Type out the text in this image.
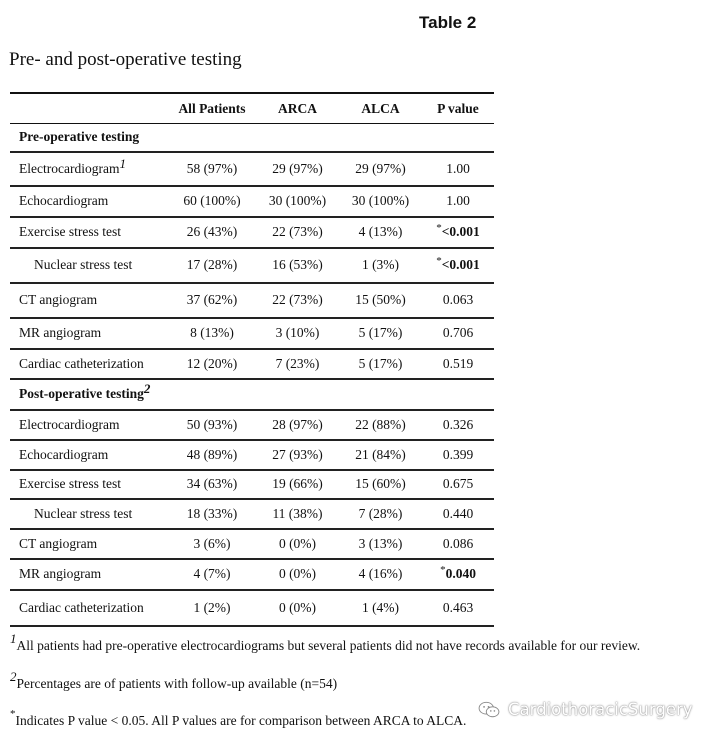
Table 2
Pre- and post-operative testing
	All Patients	ARCA	ALCA	P value
Pre-operative testing				
Electrocardiogram1	58 (97%)	29 (97%)	29 (97%)	1.00
Echocardiogram	60 (100%)	30 (100%)	30 (100%)	1.00
Exercise stress test	26 (43%)	22 (73%)	4 (13%)	*<0.001
Nuclear stress test	17 (28%)	16 (53%)	1 (3%)	*<0.001
CT angiogram	37 (62%)	22 (73%)	15 (50%)	0.063
MR angiogram	8 (13%)	3 (10%)	5 (17%)	0.706
Cardiac catheterization	12 (20%)	7 (23%)	5 (17%)	0.519
Post-operative testing2				
Electrocardiogram	50 (93%)	28 (97%)	22 (88%)	0.326
Echocardiogram	48 (89%)	27 (93%)	21 (84%)	0.399
Exercise stress test	34 (63%)	19 (66%)	15 (60%)	0.675
Nuclear stress test	18 (33%)	11 (38%)	7 (28%)	0.440
CT angiogram	3 (6%)	0 (0%)	3 (13%)	0.086
MR angiogram	4 (7%)	0 (0%)	4 (16%)	*0.040
Cardiac catheterization	1 (2%)	0 (0%)	1 (4%)	0.463
1All patients had pre-operative electrocardiograms but several patients did not have records available for our review.
2Percentages are of patients with follow-up available (n=54)
*Indicates P value < 0.05. All P values are for comparison between ARCA to ALCA.
CardiothoracicSurgery
